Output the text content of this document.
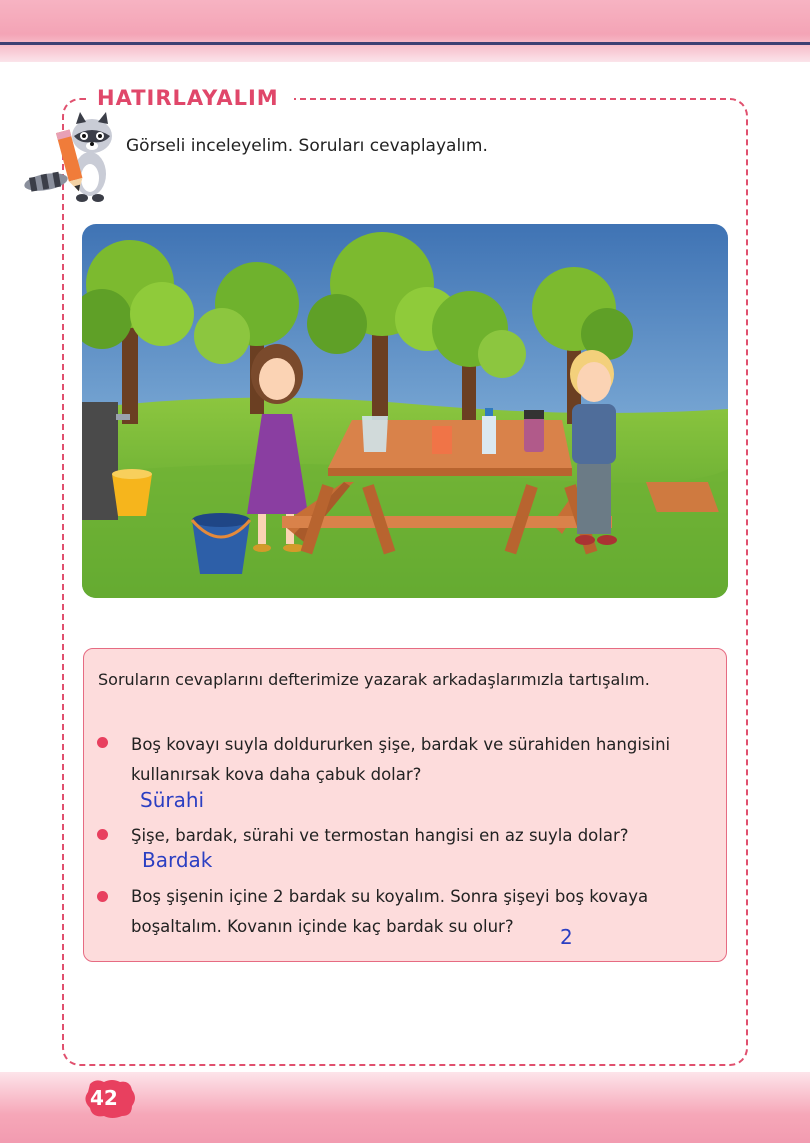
HATIRLAYALIM
Görseli inceleyelim. Soruları cevaplayalım.
Soruların cevaplarını defterimize yazarak arkadaşlarımızla tartışalım.
Boş kovayı suyla doldururken şişe, bardak ve sürahiden hangisini kullanırsak kova daha çabuk dolar?
Sürahi
Şişe, bardak, sürahi ve termostan hangisi en az suyla dolar?
Bardak
Boş şişenin içine 2 bardak su koyalım. Sonra şişeyi boş kovaya boşaltalım. Kovanın içinde kaç bardak su olur?	2
42
